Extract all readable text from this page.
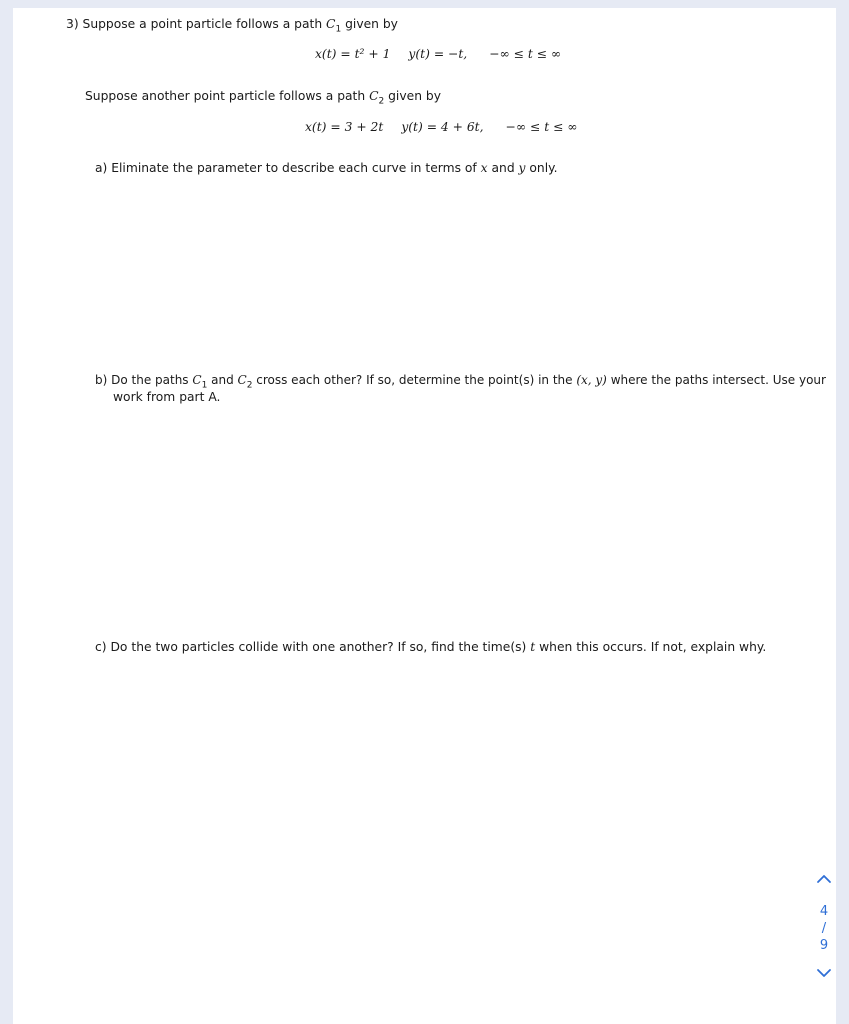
3) Suppose a point particle follows a path $C_1$ given by
x(t) = t² + 1 y(t) = −t, −∞ ≤ t ≤ ∞
Suppose another point particle follows a path $C_2$ given by
x(t) = 3 + 2t y(t) = 4 + 6t, −∞ ≤ t ≤ ∞
a) Eliminate the parameter to describe each curve in terms of x and y only.
b) Do the paths $C_1$ and $C_2$ cross each other? If so, determine the point(s) in the (x, y) where the paths intersect. Use your
work from part A.
c) Do the two particles collide with one another? If so, find the time(s) t when this occurs. If not, explain why.
4
/
9
